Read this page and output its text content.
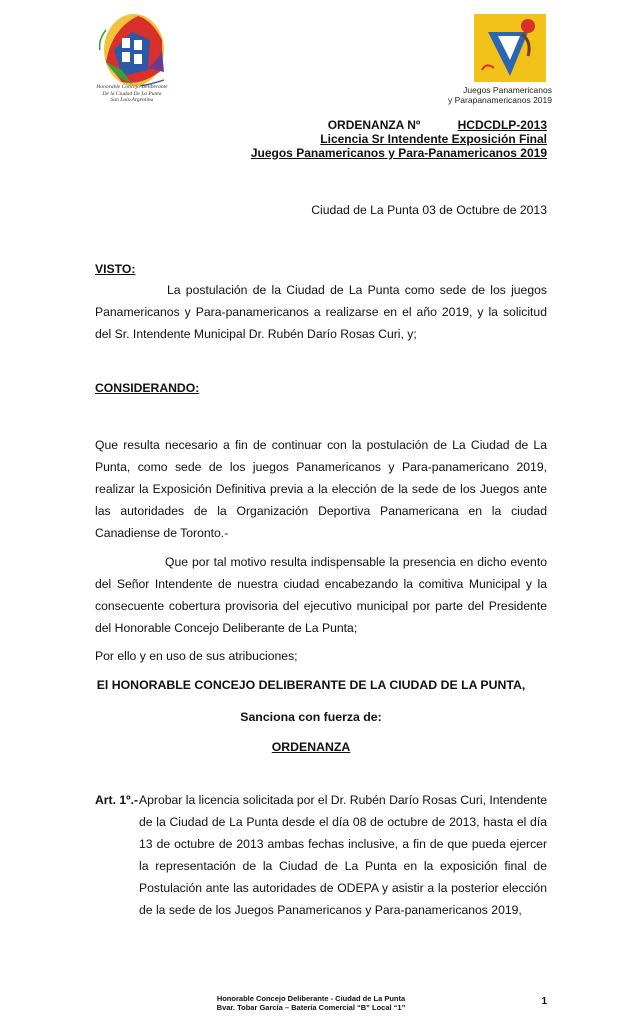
Honorable Concejo Deliberante
De la Ciudad De La Punta
San Luis-Argentina
Juegos Panamericanos
y Parapanamericanos 2019
ORDENANZA Nº	HCDCDLP-2013
Licencia Sr Intendente Exposición Final
Juegos Panamericanos y Para-Panamericanos 2019
Ciudad de La Punta 03 de Octubre de 2013
VISTO:
La postulación de la Ciudad de La Punta como sede de los juegos Panamericanos y Para-panamericanos a realizarse en el año 2019, y la solicitud del Sr. Intendente Municipal Dr. Rubén Darío Rosas Curi, y;
CONSIDERANDO:
Que resulta necesario a fin de continuar con la postulación de La Ciudad de La Punta, como sede de los juegos Panamericanos y Para-panamericano 2019, realizar la Exposición Definitiva previa a la elección de la sede de los Juegos ante las autoridades de la Organización Deportiva Panamericana en la ciudad Canadiense de Toronto.-
Que por tal motivo resulta indispensable la presencia en dicho evento del Señor Intendente de nuestra ciudad encabezando la comitiva Municipal y la consecuente cobertura provisoria del ejecutivo municipal por parte del Presidente del Honorable Concejo Deliberante de La Punta;
Por ello y en uso de sus atribuciones;
El HONORABLE CONCEJO DELIBERANTE DE LA CIUDAD DE LA PUNTA,
Sanciona con fuerza de:
ORDENANZA
Art. 1º.- Aprobar la licencia solicitada por el Dr. Rubén Darío Rosas Curi, Intendente de la Ciudad de La Punta desde el día 08 de octubre de 2013, hasta el día 13 de octubre de 2013 ambas fechas inclusive, a fin de que pueda ejercer la representación de la Ciudad de La Punta en la exposición final de Postulación ante las autoridades de ODEPA y asistir a la posterior elección de la sede de los Juegos Panamericanos y Para-panamericanos 2019,
Honorable Concejo Deliberante - Ciudad de La Punta
Bvar. Tobar García – Batería Comercial “B” Local “1”
1
